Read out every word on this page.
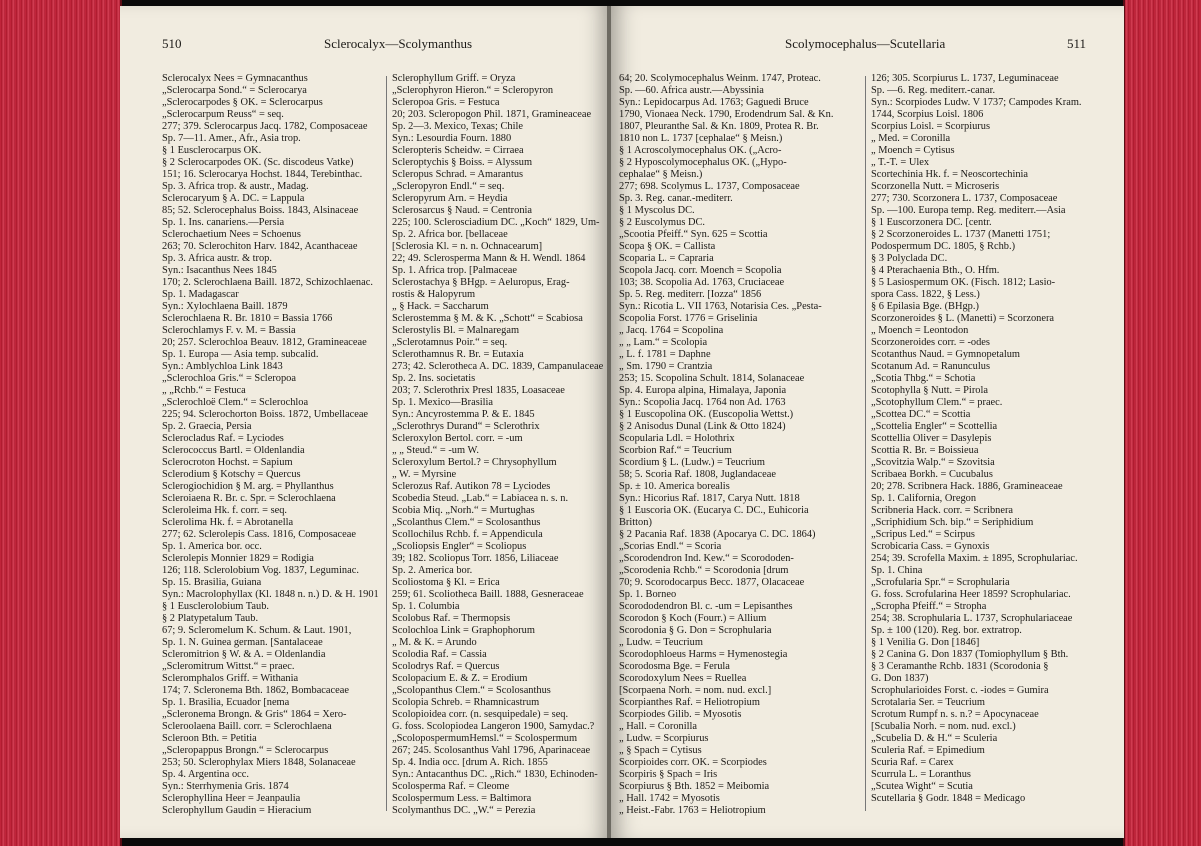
510	Sclerocalyx—Scolymanthus
Sclerocalyx Nees = Gymnacanthus
„Sclerocarpa Sond.“ = Sclerocarya
„Sclerocarpodes § OK. = Sclerocarpus
„Sclerocarpum Reuss“ = seq.
277; 379. Sclerocarpus Jacq. 1782, Composaceae
Sp. 7—11. Amer., Afr., Asia trop.
§ 1 Eusclerocarpus OK.
§ 2 Sclerocarpodes OK. (Sc. discodeus Vatke)
151; 16. Sclerocarya Hochst. 1844, Terebinthac.
Sp. 3. Africa trop. & austr., Madag.
Sclerocaryum § A. DC. = Lappula
85; 52. Sclerocephalus Boiss. 1843, Alsinaceae
Sp. 1. Ins. canariens.—Persia
Sclerochaetium Nees = Schoenus
263; 70. Sclerochiton Harv. 1842, Acanthaceae
Sp. 3. Africa austr. & trop.
Syn.: Isacanthus Nees 1845
170; 2. Sclerochlaena Baill. 1872, Schizochlaenac.
Sp. 1. Madagascar
Syn.: Xylochlaena Baill. 1879
Sclerochlaena R. Br. 1810 = Bassia 1766
Sclerochlamys F. v. M. = Bassia
20; 257. Sclerochloa Beauv. 1812, Gramineaceae
Sp. 1. Europa — Asia temp. subcalid.
Syn.: Amblychloa Link 1843
„Sclerochloa Gris.“ = Scleropoa
„ „Rchb.“ = Festuca
„Sclerochloë Clem.“ = Sclerochloa
225; 94. Sclerochorton Boiss. 1872, Umbellaceae
Sp. 2. Graecia, Persia
Sclerocladus Raf. = Lyciodes
Sclerococcus Bartl. = Oldenlandia
Sclerocroton Hochst. = Sapium
Sclerodium § Kotschy = Quercus
Sclerogiochidion § M. arg. = Phyllanthus
Scleroiaena R. Br. c. Spr. = Sclerochlaena
Scleroleima Hk. f. corr. = seq.
Sclerolima Hk. f. = Abrotanella
277; 62. Sclerolepis Cass. 1816, Composaceae
Sp. 1. America bor. occ.
Sclerolepis Monnier 1829 = Rodigia
126; 118. Sclerolobium Vog. 1837, Leguminac.
Sp. 15. Brasilia, Guiana
Syn.: Macrolophyllax (Kl. 1848 n. n.) D. & H. 1901
§ 1 Eusclerolobium Taub.
§ 2 Platypetalum Taub.
67; 9. Scleromelum K. Schum. & Laut. 1901,
Sp. 1. N. Guinea german. [Santalaceae
Scleromitrion § W. & A. = Oldenlandia
„Scleromitrum Wittst.“ = praec.
Scleromphalos Griff. = Withania
174; 7. Scleronema Bth. 1862, Bombacaceae
Sp. 1. Brasilia, Ecuador [nema
„Scleronema Brongn. & Gris“ 1864 = Xero-
Scleroolaena Baill. corr. = Sclerochlaena
Scleroon Bth. = Petitia
„Scleropappus Brongn.“ = Sclerocarpus
253; 50. Sclerophylax Miers 1848, Solanaceae
Sp. 4. Argentina occ.
Syn.: Sterrhymenia Gris. 1874
Sclerophyllina Heer = Jeanpaulia
Sclerophyllum Gaudin = Hieracium
Sclerophyllum Griff. = Oryza
„Sclerophyron Hieron.“ = Scleropyron
Scleropoa Gris. = Festuca
20; 203. Scleropogon Phil. 1871, Gramineaceae
Sp. 2—3. Mexico, Texas; Chile
Syn.: Lesourdia Fourn. 1880
Scleropteris Scheidw. = Cirraea
Scleroptychis § Boiss. = Alyssum
Scleropus Schrad. = Amarantus
„Scleropyron Endl.“ = seq.
Scleropyrum Arn. = Heydia
Sclerosarcus § Naud. = Centronia
225; 100. Sclerosciadium DC. „Koch“ 1829, Um-
Sp. 2. Africa bor. [bellaceae
[Sclerosia Kl. = n. n. Ochnacearum]
22; 49. Sclerosperma Mann & H. Wendl. 1864
Sp. 1. Africa trop. [Palmaceae
Sclerostachya § BHgp. = Aeluropus, Erag-
rostis & Halopyrum
„ § Hack. = Saccharum
Sclerostemma § M. & K. „Schott“ = Scabiosa
Sclerostylis Bl. = Malnaregam
„Sclerotamnus Poir.“ = seq.
Sclerothamnus R. Br. = Eutaxia
273; 42. Sclerotheca A. DC. 1839, Campanulaceae
Sp. 2. Ins. societatis
203; 7. Sclerothrix Presl 1835, Loasaceae
Sp. 1. Mexico—Brasilia
Syn.: Ancyrostemma P. & E. 1845
„Sclerothrys Durand“ = Sclerothrix
Scleroxylon Bertol. corr. = -um
„ „ Steud.“ = -um W.
Scleroxylum Bertol.? = Chrysophyllum
„ W. = Myrsine
Sclerozus Raf. Autikon 78 = Lyciodes
Scobedia Steud. „Lab.“ = Labiacea n. s. n.
Scobia Miq. „Norh.“ = Murtughas
„Scolanthus Clem.“ = Scolosanthus
Scollochilus Rchb. f. = Appendicula
„Scoliopsis Engler“ = Scoliopus
39; 182. Scoliopus Torr. 1856, Liliaceae
Sp. 2. America bor.
Scoliostoma § Kl. = Erica
259; 61. Scoliotheca Baill. 1888, Gesneraceae
Sp. 1. Columbia
Scolobus Raf. = Thermopsis
Scolochloa Link = Graphophorum
„ M. & K. = Arundo
Scolodia Raf. = Cassia
Scolodrys Raf. = Quercus
Scolopacium E. & Z. = Erodium
„Scolopanthus Clem.“ = Scolosanthus
Scolopia Schreb. = Rhamnicastrum
Scolopioidea corr. (n. sesquipedale) = seq.
G. foss. Scolopiodea Langeron 1900, Samydac.?
„ScolopospermumHemsl.“ = Scolospermum
267; 245. Scolosanthus Vahl 1796, Aparinaceae
Sp. 4. India occ. [drum A. Rich. 1855
Syn.: Antacanthus DC. „Rich.“ 1830, Echinoden-
Scolospermа Raf. = Cleome
Scolospermum Less. = Baltimora
Scolymanthus DC. „W.“ = Perezia
Scolymocephalus—Scutellaria	511
64; 20. Scolymocephalus Weinm. 1747, Proteac.
Sp. —60. Africa austr.—Abyssinia
Syn.: Lepidocarpus Ad. 1763; Gaguedi Bruce
1790, Vionaea Neck. 1790, Erodendrum Sal. & Kn.
1807, Pleuranthe Sal. & Kn. 1809, Protea R. Br.
1810 non L. 1737 [cephalae“ § Meisn.)
§ 1 Acroscolymocephalus OK. („Acro-
§ 2 Hyposcolymocephalus OK. („Hypo-
cephalae“ § Meisn.)
277; 698. Scolymus L. 1737, Composaceae
Sp. 3. Reg. canar.-mediterr.
§ 1 Myscolus DC.
§ 2 Euscolymus DC.
„Scootia Pfeiff.“ Syn. 625 = Scottia
Scopa § OK. = Callista
Scoparia L. = Capraria
Scopola Jacq. corr. Moench = Scopolia
103; 38. Scopolia Ad. 1763, Cruciaceae
Sp. 5. Reg. mediterr. [Iozza“ 1856
Syn.: Ricotia L. VII 1763, Notarisia Ces. „Pesta-
Scopolia Forst. 1776 = Griselinia
„ Jacq. 1764 = Scopolina
„ „ Lam.“ = Scolopia
„ L. f. 1781 = Daphne
„ Sm. 1790 = Crantzia
253; 15. Scopolina Schult. 1814, Solanaceae
Sp. 4. Europa alpina, Himalaya, Japonia
Syn.: Scopolia Jacq. 1764 non Ad. 1763
§ 1 Euscopolina OK. (Euscopolia Wettst.)
§ 2 Anisodus Dunal (Link & Otto 1824)
Scopularia Ldl. = Holothrix
Scorbion Raf.“ = Teucrium
Scordium § L. (Ludw.) = Teucrium
58; 5. Scoria Raf. 1808, Juglandaceae
Sp. ± 10. America borealis
Syn.: Hicorius Raf. 1817, Carya Nutt. 1818
§ 1 Euscoria OK. (Eucarya C. DC., Euhicoria
Britton)
§ 2 Pacania Raf. 1838 (Apocarya C. DC. 1864)
„Scorias Endl.“ = Scoria
„Scorodendron Ind. Kew.“ = Scorododen-
„Scorodenia Rchb.“ = Scorodonia [drum
70; 9. Scorodocarpus Becc. 1877, Olacaceae
Sp. 1. Borneo
Scorododendron Bl. c. -um = Lepisanthes
Scorodon § Koch (Fourr.) = Allium
Scorodonia § G. Don = Scrophularia
„ Ludw. = Teucrium
Scorodophloeus Harms = Hymenostegia
Scorodosma Bge. = Ferula
Scorodoxylum Nees = Ruellea
[Scorpaena Norh. = nom. nud. excl.]
Scorpianthes Raf. = Heliotropium
Scorpiodes Gilib. = Myosotis
„ Hall. = Coronilla
„ Ludw. = Scorpiurus
„ § Spach = Cytisus
Scorpioides corr. OK. = Scorpiodes
Scorpiris § Spach = Iris
Scorpiurus § Bth. 1852 = Meibomia
„ Hall. 1742 = Myosotis
„ Heist.-Fabr. 1763 = Heliotropium
126; 305. Scorpiurus L. 1737, Leguminaceae
Sp. —6. Reg. mediterr.-canar.
Syn.: Scorpiodes Ludw. V 1737; Campodes Kram.
1744, Scorpius Loisl. 1806
Scorpius Loisl. = Scorpiurus
„ Med. = Coronilla
„ Moench = Cytisus
„ T.-T. = Ulex
Scortechinia Hk. f. = Neoscortechinia
Scorzonella Nutt. = Microseris
277; 730. Scorzonera L. 1737, Composaceae
Sp. —100. Europa temp. Reg. mediterr.—Asia
§ 1 Euscorzonera DC. [centr.
§ 2 Scorzoneroides L. 1737 (Manetti 1751;
Podospermum DC. 1805, § Rchb.)
§ 3 Polyclada DC.
§ 4 Pterachaenia Bth., O. Hfm.
§ 5 Lasiospermum OK. (Fisch. 1812; Lasio-
spora Cass. 1822, § Less.)
§ 6 Epilasia Bge. (BHgp.)
Scorzoneroides § L. (Manetti) = Scorzonera
„ Moench = Leontodon
Scorzoneroides corr. = -odes
Scotanthus Naud. = Gymnopetalum
Scotanum Ad. = Ranunculus
„Scotia Thbg.“ = Schotia
Scotophylla § Nutt. = Pirola
„Scotophyllum Clem.“ = praec.
„Scottea DC.“ = Scottia
„Scottelia Engler“ = Scottellia
Scottellia Oliver = Dasylepis
Scottia R. Br. = Boissieua
„Scovitzia Walp.“ = Szovitsia
Scribaea Borkh. = Cucubalus
20; 278. Scribnera Hack. 1886, Gramineaceae
Sp. 1. California, Oregon
Scribneria Hack. corr. = Scribnera
„Scriphidium Sch. bip.“ = Seriphidium
„Scripus Led.“ = Scirpus
Scrobicaria Cass. = Gynoxis
254; 39. Scrofella Maxim. ± 1895, Scrophulariac.
Sp. 1. China
„Scrofularia Spr.“ = Scrophularia
G. foss. Scrofularina Heer 1859? Scrophulariac.
„Scropha Pfeiff.“ = Stropha
254; 38. Scrophularia L. 1737, Scrophulariaceae
Sp. ± 100 (120). Reg. bor. extratrop.
§ 1 Venilia G. Don [1846]
§ 2 Canina G. Don 1837 (Tomiophyllum § Bth.
§ 3 Ceramanthe Rchb. 1831 (Scorodonia §
G. Don 1837)
Scrophularioides Forst. c. -iodes = Gumira
Scrotalaria Ser. = Teucrium
Scrotum Rumpf n. s. n.? = Apocynaceae
[Scubalia Norh. = nom. nud. excl.)
„Scubelia D. & H.“ = Sculeria
Sculeria Raf. = Epimedium
Scuria Raf. = Carex
Scurrula L. = Loranthus
„Scutea Wight“ = Scutia
Scutellaria § Godr. 1848 = Medicago
